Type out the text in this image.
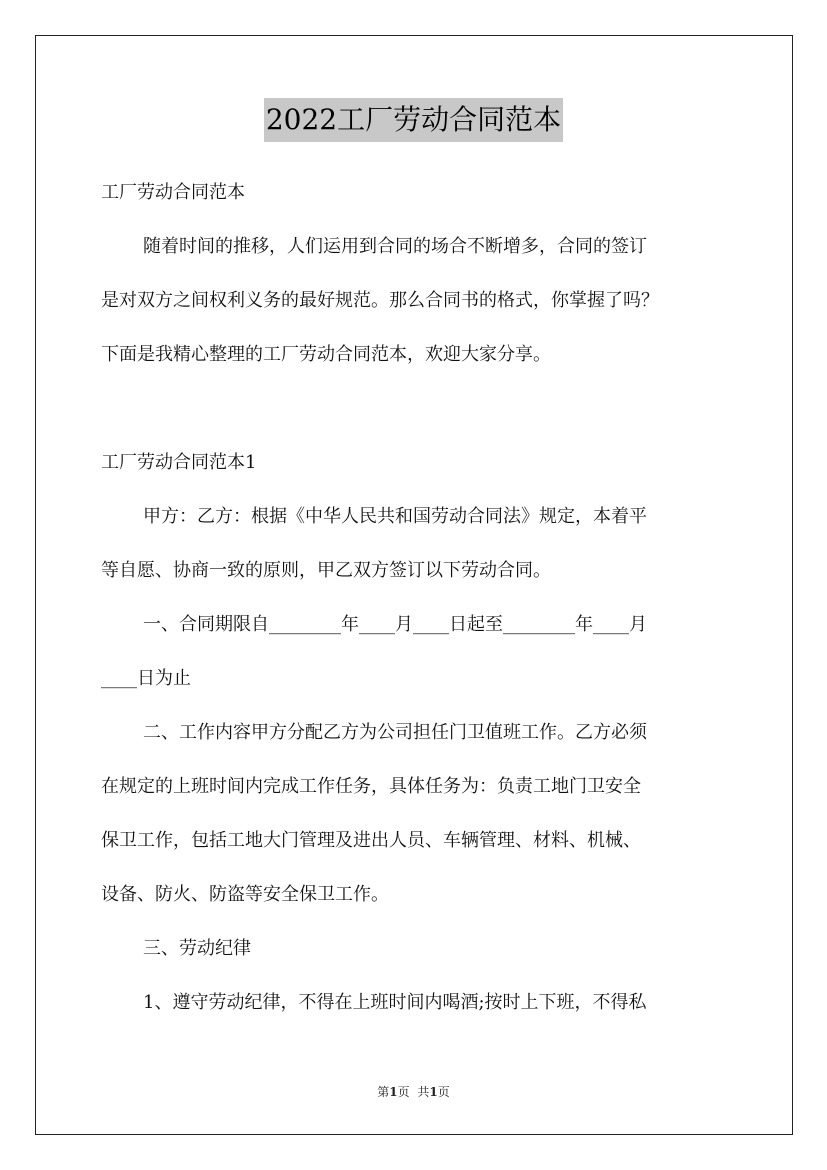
2022工厂劳动合同范本
工厂劳动合同范本
随着时间的推移，人们运用到合同的场合不断增多，合同的签订
是对双方之间权利义务的最好规范。那么合同书的格式，你掌握了吗？
下面是我精心整理的工厂劳动合同范本，欢迎大家分享。
工厂劳动合同范本1
甲方：乙方：根据《中华人民共和国劳动合同法》规定，本着平
等自愿、协商一致的原则，甲乙双方签订以下劳动合同。
一、合同期限自________年____月____日起至________年____月
____日为止
二、工作内容甲方分配乙方为公司担任门卫值班工作。乙方必须
在规定的上班时间内完成工作任务，具体任务为：负责工地门卫安全
保卫工作，包括工地大门管理及进出人员、车辆管理、材料、机械、
设备、防火、防盗等安全保卫工作。
三、劳动纪律
1、遵守劳动纪律，不得在上班时间内喝酒;按时上下班，不得私
第1页 共1页
